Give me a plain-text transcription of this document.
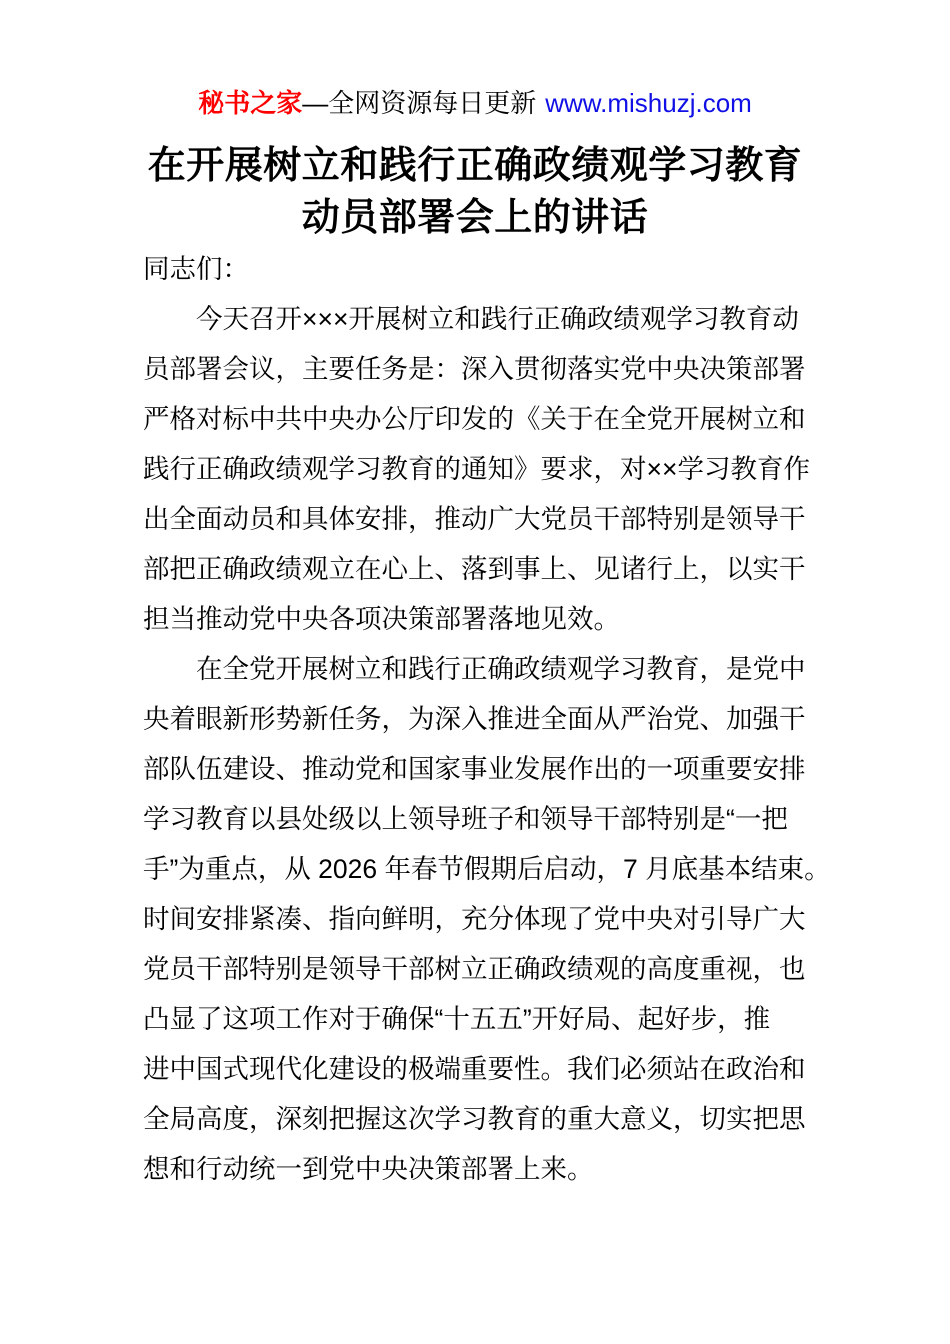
秘书之家—全网资源每日更新 www.mishuzj.com
在开展树立和践行正确政绩观学习教育
动员部署会上的讲话
同志们：
今天召开×××开展树立和践行正确政绩观学习教育动
员部署会议，主要任务是：深入贯彻落实党中央决策部署
严格对标中共中央办公厅印发的《关于在全党开展树立和
践行正确政绩观学习教育的通知》要求，对××学习教育作
出全面动员和具体安排，推动广大党员干部特别是领导干
部把正确政绩观立在心上、落到事上、见诸行上，以实干
担当推动党中央各项决策部署落地见效。
在全党开展树立和践行正确政绩观学习教育，是党中
央着眼新形势新任务，为深入推进全面从严治党、加强干
部队伍建设、推动党和国家事业发展作出的一项重要安排
学习教育以县处级以上领导班子和领导干部特别是“一把
手”为重点，从 2026 年春节假期后启动，7 月底基本结束。
时间安排紧凑、指向鲜明，充分体现了党中央对引导广大
党员干部特别是领导干部树立正确政绩观的高度重视，也
凸显了这项工作对于确保“十五五”开好局、起好步，推
进中国式现代化建设的极端重要性。我们必须站在政治和
全局高度，深刻把握这次学习教育的重大意义，切实把思
想和行动统一到党中央决策部署上来。
